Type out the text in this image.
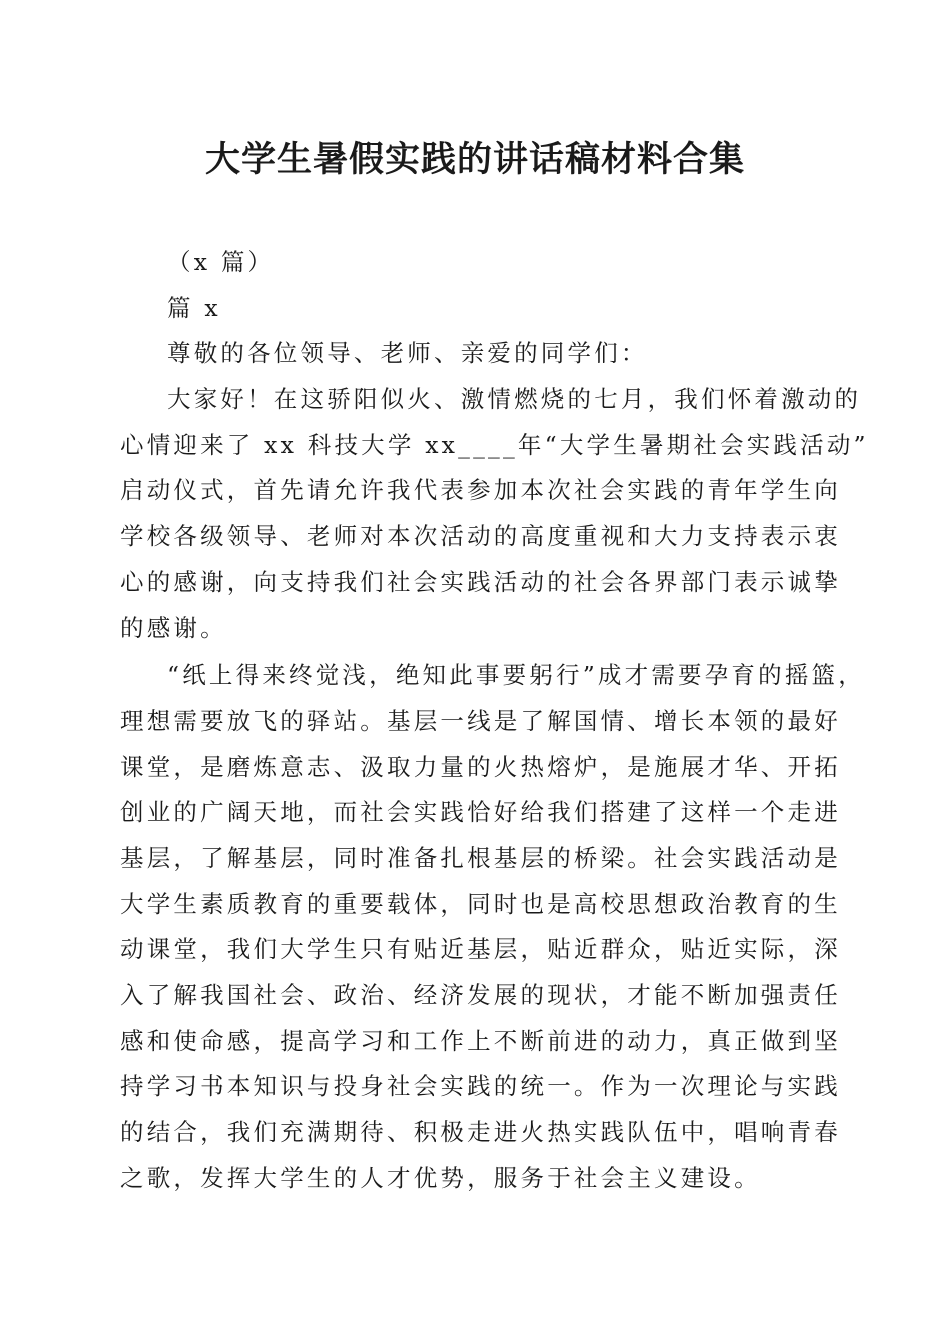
大学生暑假实践的讲话稿材料合集
（x 篇）
篇 x
尊敬的各位领导、老师、亲爱的同学们：
大家好！在这骄阳似火、激情燃烧的七月，我们怀着激动的
心情迎来了 xx 科技大学 xx____年“大学生暑期社会实践活动”
启动仪式，首先请允许我代表参加本次社会实践的青年学生向
学校各级领导、老师对本次活动的高度重视和大力支持表示衷
心的感谢，向支持我们社会实践活动的社会各界部门表示诚挚
的感谢。
“纸上得来终觉浅，绝知此事要躬行”成才需要孕育的摇篮，
理想需要放飞的驿站。基层一线是了解国情、增长本领的最好
课堂，是磨炼意志、汲取力量的火热熔炉，是施展才华、开拓
创业的广阔天地，而社会实践恰好给我们搭建了这样一个走进
基层，了解基层，同时准备扎根基层的桥梁。社会实践活动是
大学生素质教育的重要载体，同时也是高校思想政治教育的生
动课堂，我们大学生只有贴近基层，贴近群众，贴近实际，深
入了解我国社会、政治、经济发展的现状，才能不断加强责任
感和使命感，提高学习和工作上不断前进的动力，真正做到坚
持学习书本知识与投身社会实践的统一。作为一次理论与实践
的结合，我们充满期待、积极走进火热实践队伍中，唱响青春
之歌，发挥大学生的人才优势，服务于社会主义建设。
